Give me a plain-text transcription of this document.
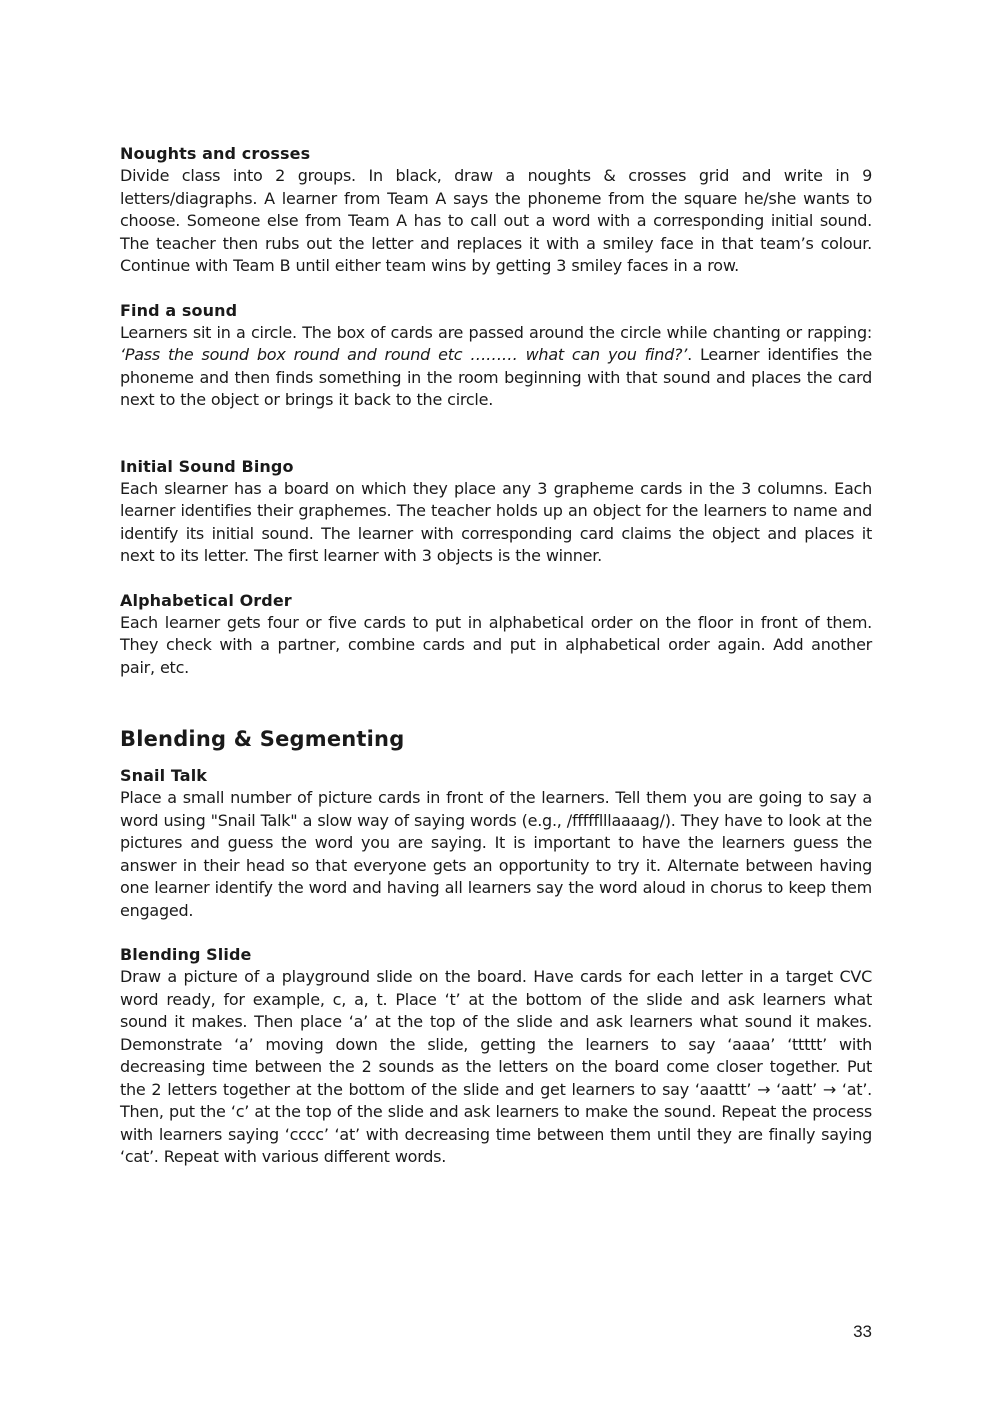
Noughts and crosses

Divide class into 2 groups. In black, draw a noughts & crosses grid and write in 9 letters/diagraphs. A learner from Team A says the phoneme from the square he/she wants to choose. Someone else from Team A has to call out a word with a corresponding initial sound. The teacher then rubs out the letter and replaces it with a smiley face in that team’s colour. Continue with Team B until either team wins by getting 3 smiley faces in a row.

Find a sound

Learners sit in a circle. The box of cards are passed around the circle while chanting or rapping: ‘Pass the sound box round and round etc ……… what can you find?’. Learner identifies the phoneme and then finds something in the room beginning with that sound and places the card next to the object or brings it back to the circle.

Initial Sound Bingo

Each slearner has a board on which they place any 3 grapheme cards in the 3 columns. Each learner identifies their graphemes. The teacher holds up an object for the learners to name and identify its initial sound. The learner with corresponding card claims the object and places it next to its letter. The first learner with 3 objects is the winner.

Alphabetical Order

Each learner gets four or five cards to put in alphabetical order on the floor in front of them. They check with a partner, combine cards and put in alphabetical order again. Add another pair, etc.

Blending & Segmenting

Snail Talk

Place a small number of picture cards in front of the learners. Tell them you are going to say a word using "Snail Talk" a slow way of saying words (e.g., /ffffflllaaaag/). They have to look at the pictures and guess the word you are saying. It is important to have the learners guess the answer in their head so that everyone gets an opportunity to try it. Alternate between having one learner identify the word and having all learners say the word aloud in chorus to keep them engaged.

Blending Slide

Draw a picture of a playground slide on the board. Have cards for each letter in a target CVC word ready, for example, c, a, t. Place ‘t’ at the bottom of the slide and ask learners what sound it makes. Then place ‘a’ at the top of the slide and ask learners what sound it makes. Demonstrate ‘a’ moving down the slide, getting the learners to say ‘aaaa’ ‘ttttt’ with decreasing time between the 2 sounds as the letters on the board come closer together. Put the 2 letters together at the bottom of the slide and get learners to say ‘aaattt’ → ‘aatt’ → ‘at’. Then, put the ‘c’ at the top of the slide and ask learners to make the sound. Repeat the process with learners saying ‘cccc’ ‘at’ with decreasing time between them until they are finally saying ‘cat’. Repeat with various different words.

33
